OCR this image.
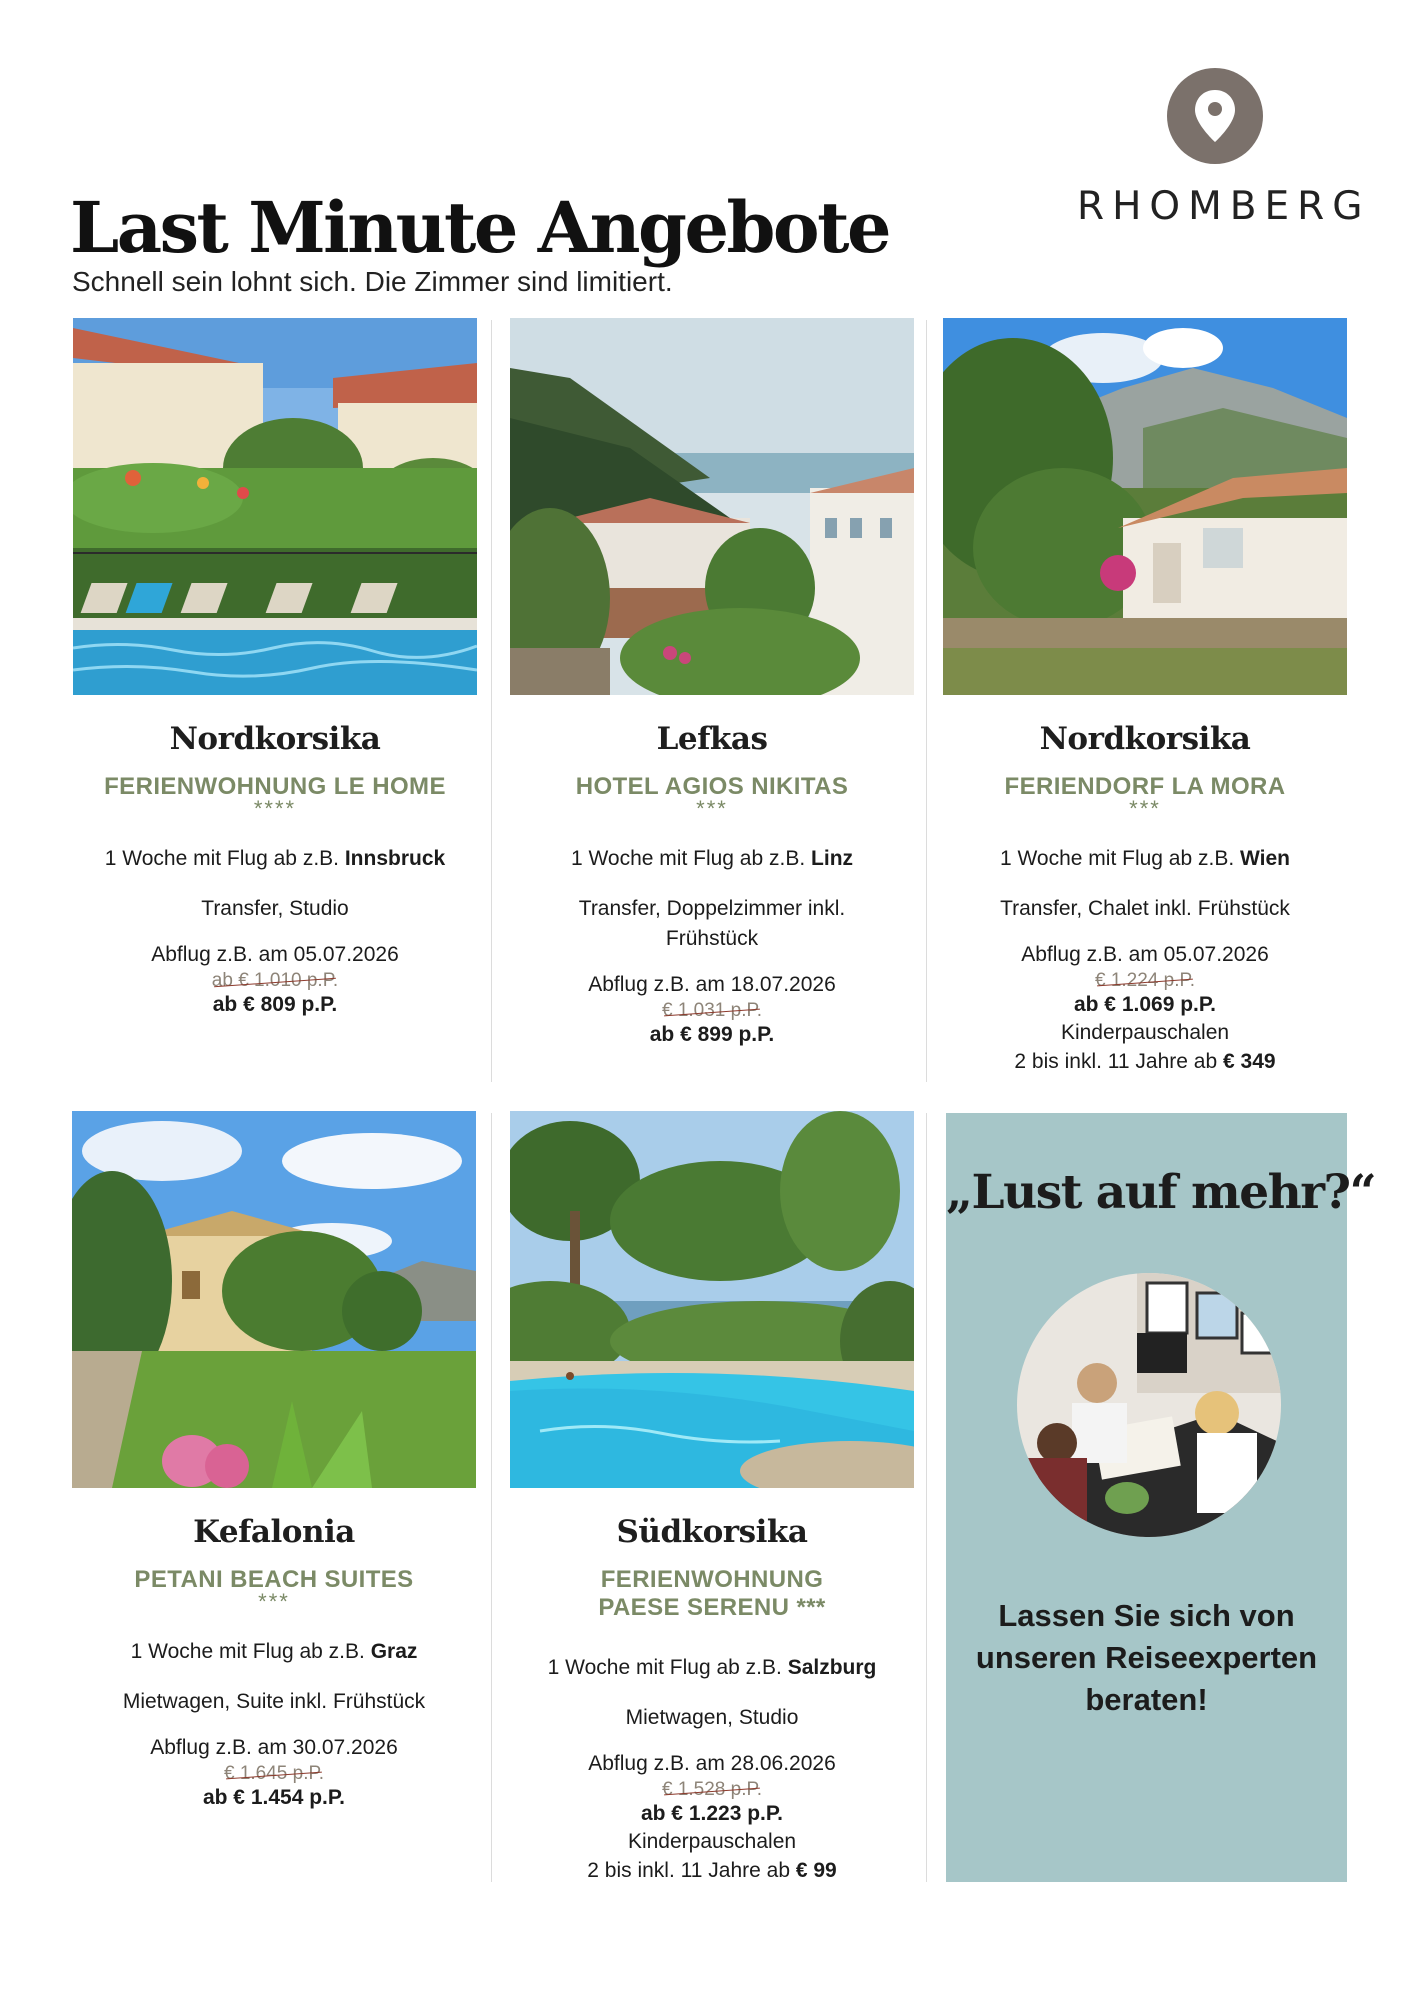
RHOMBERG
Last Minute Angebote
Schnell sein lohnt sich. Die Zimmer sind limitiert.
Nordkorsika
FERIENWOHNUNG LE HOME
****
1 Woche mit Flug ab z.B. Innsbruck
Transfer, Studio
Abflug z.B. am 05.07.2026
ab € 1.010 p.P.
ab € 809 p.P.
Lefkas
HOTEL AGIOS NIKITAS
***
1 Woche mit Flug ab z.B. Linz
Transfer, Doppelzimmer inkl. Frühstück
Abflug z.B. am 18.07.2026
€ 1.031 p.P.
ab € 899 p.P.
Nordkorsika
FERIENDORF LA MORA
***
1 Woche mit Flug ab z.B. Wien
Transfer, Chalet inkl. Frühstück
Abflug z.B. am 05.07.2026
€ 1.224 p.P.
ab € 1.069 p.P.
Kinderpauschalen
2 bis inkl. 11 Jahre ab € 349
Kefalonia
PETANI BEACH SUITES
***
1 Woche mit Flug ab z.B. Graz
Mietwagen, Suite inkl. Frühstück
Abflug z.B. am 30.07.2026
€ 1.645 p.P.
ab € 1.454 p.P.
Südkorsika
FERIENWOHNUNG PAESE SERENU ***
1 Woche mit Flug ab z.B. Salzburg
Mietwagen, Studio
Abflug z.B. am 28.06.2026
€ 1.528 p.P.
ab € 1.223 p.P.
Kinderpauschalen
2 bis inkl. 11 Jahre ab € 99
„Lust auf mehr?“
Lassen Sie sich von unseren Reiseexperten beraten!
